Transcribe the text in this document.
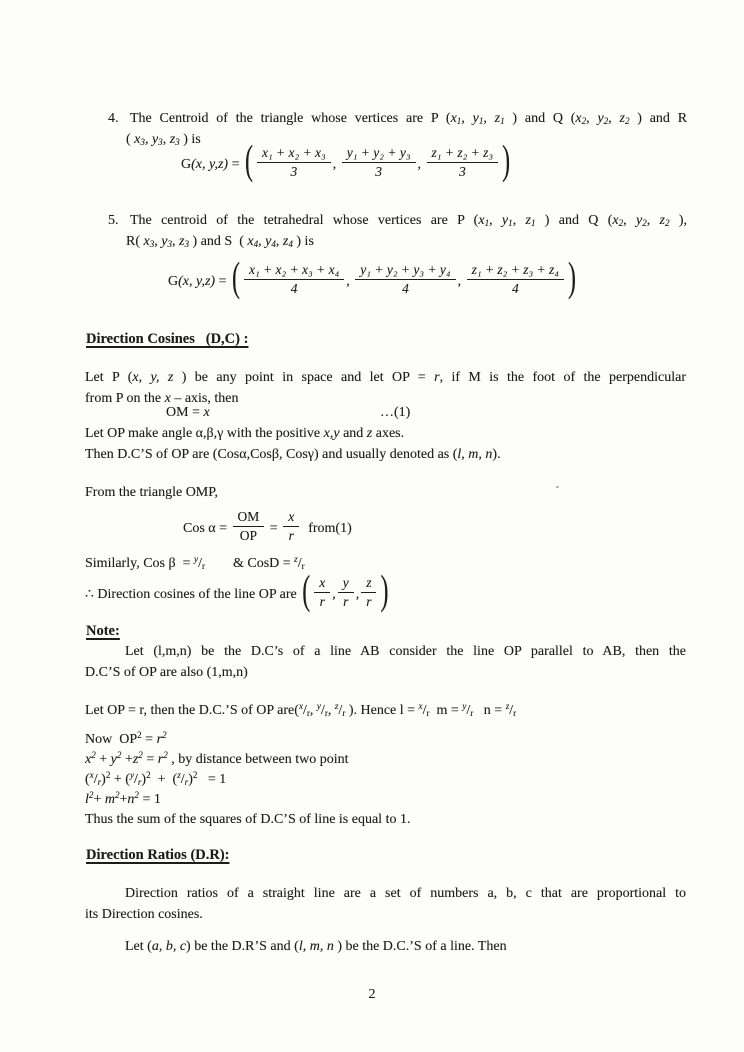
4. The Centroid of the triangle whose vertices are P ($x_1$, $y_1$, $z_1$ ) and Q ($x_2$, $y_2$, $z_2$ ) and R
( $x_3$, $y_3$, $z_3$ ) is
G(x, y,z) = ( $\frac{\text{x₁ + x₂ + x₃}}{3}$ , $\frac{\text{y₁ + y₂ + y₃}}{3}$ , $\frac{\text{z₁ + z₂ + z₃}}{3}$ )
5. The centroid of the tetrahedral whose vertices are P ($x_1$, $y_1$, $z_1$ ) and Q ($x_2$, $y_2$, $z_2$ ),
R( $x_3$, $y_3$, $z_3$ ) and S  ( $x_4$, $y_4$, $z_4$ ) is
G(x, y,z) = ( $\frac{\text{x₁ + x₂ + x₃ + x₄}}{4}$ , $\frac{\text{y₁ + y₂ + y₃ + y₄}}{4}$ , $\frac{\text{z₁ + z₂ + z₃ + z₄}}{4}$ )
Direction Cosines   (D,C) :
Let P (x, y, z ) be any point in space and let OP = r, if M is the foot of the perpendicular
from P on the x – axis, then
OM = x	…(1)
Let OP make angle α,β,γ with the positive x,y and z axes.
Then D.C’S of OP are (Cosα,Cosβ, Cosγ) and usually denoted as (l, m, n).
From the triangle OMP,
Cos $\alpha = \frac{OM}{OP} = \frac{x}{r}$ from(1)
Similarly, Cos $\beta = ^y/_r$        & CosD = $^z/_r$
∴ Direction cosines of the line OP are ( $\frac{x}{r}$ , $\frac{y}{r}$ , $\frac{z}{r}$ )
Note:
Let (l,m,n) be the D.C’s of a line AB consider the line OP parallel to AB, then the
D.C’S of OP are also (1,m,n)
Let OP = r, then the D.C.’S of OP $are(^x/_r$, $^y/_r$, $^z/_r$ ). Hence $l = ^x/_r$  $m = ^y/_r$   $n = ^z/_r$
Now  $OP^2 = r^2$
$x^2 + y^2 +z^2 = r^2$ , by distance between two point
$(^x/_r)^2 + (^y/_r)^2 + (^z/_r)^2 = 1$
$l^2+ m^2+n^2 = 1$
Thus the sum of the squares of D.C’S of line is equal to 1.
Direction Ratios (D.R):
Direction ratios of a straight line are a set of numbers a, b, c that are proportional to
its Direction cosines.
Let (a, b, c) be the D.R’S and (l, m, n ) be the D.C.’S of a line. Then
2
